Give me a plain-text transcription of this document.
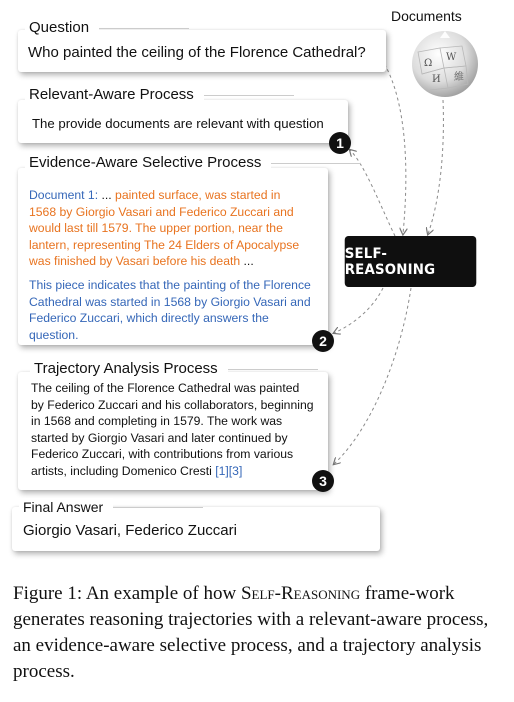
Documents
Ω
W
И 維
Question
Who painted the ceiling of the Florence Cathedral?
Relevant-Aware Process
The provide documents are relevant with question
1
Evidence-Aware Selective Process
Document 1: ... painted surface, was started in
1568 by Giorgio Vasari and Federico Zuccari and
would last till 1579. The upper portion, near the
lantern, representing The 24 Elders of Apocalypse
was finished by Vasari before his death ...
This piece indicates that the painting of the Florence
Cathedral was started in 1568 by Giorgio Vasari and
Federico Zuccari, which directly answers the
question.	2
Trajectory Analysis Process
The ceiling of the Florence Cathedral was painted
by Federico Zuccari and his collaborators, beginning
in 1568 and completing in 1579. The work was
started by Giorgio Vasari and later continued by
Federico Zuccari, with contributions from various
artists, including Domenico Cresti [1][3]
3
Final Answer
Giorgio Vasari, Federico Zuccari
SELF-REASONING
Figure 1: An example of how Self-Reasoning frame-work generates reasoning trajectories with a relevant-aware process, an evidence-aware selective process, and a trajectory analysis process.
